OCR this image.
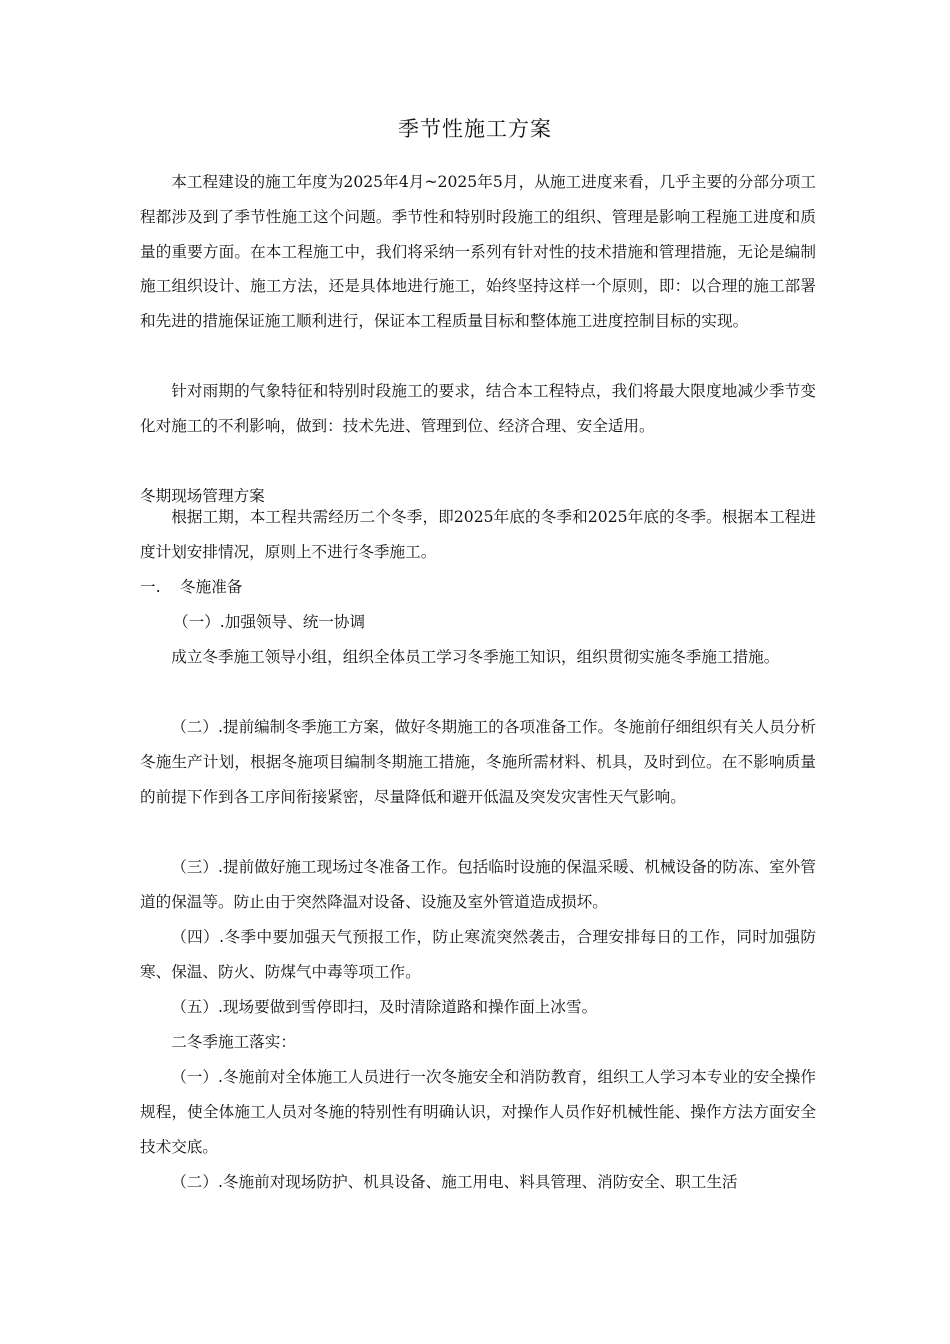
季节性施工方案
本工程建设的施工年度为2025年4月~2025年5月，从施工进度来看，几乎主要的分部分项工程都涉及到了季节性施工这个问题。季节性和特别时段施工的组织、管理是影响工程施工进度和质量的重要方面。在本工程施工中，我们将采纳一系列有针对性的技术措施和管理措施，无论是编制施工组织设计、施工方法，还是具体地进行施工，始终坚持这样一个原则，即：以合理的施工部署和先进的措施保证施工顺利进行，保证本工程质量目标和整体施工进度控制目标的实现。
针对雨期的气象特征和特别时段施工的要求，结合本工程特点，我们将最大限度地减少季节变化对施工的不利影响，做到：技术先进、管理到位、经济合理、安全适用。
冬期现场管理方案
根据工期，本工程共需经历二个冬季，即2025年底的冬季和2025年底的冬季。根据本工程进度计划安排情况，原则上不进行冬季施工。
一. 冬施准备
（一）.加强领导、统一协调
成立冬季施工领导小组，组织全体员工学习冬季施工知识，组织贯彻实施冬季施工措施。
（二）.提前编制冬季施工方案，做好冬期施工的各项准备工作。冬施前仔细组织有关人员分析冬施生产计划，根据冬施项目编制冬期施工措施，冬施所需材料、机具，及时到位。在不影响质量的前提下作到各工序间衔接紧密，尽量降低和避开低温及突发灾害性天气影响。
（三）.提前做好施工现场过冬准备工作。包括临时设施的保温采暖、机械设备的防冻、室外管道的保温等。防止由于突然降温对设备、设施及室外管道造成损坏。
（四）.冬季中要加强天气预报工作，防止寒流突然袭击，合理安排每日的工作，同时加强防寒、保温、防火、防煤气中毒等项工作。
（五）.现场要做到雪停即扫，及时清除道路和操作面上冰雪。
二冬季施工落实：
（一）.冬施前对全体施工人员进行一次冬施安全和消防教育，组织工人学习本专业的安全操作规程，使全体施工人员对冬施的特别性有明确认识，对操作人员作好机械性能、操作方法方面安全技术交底。
（二）.冬施前对现场防护、机具设备、施工用电、料具管理、消防安全、职工生活
